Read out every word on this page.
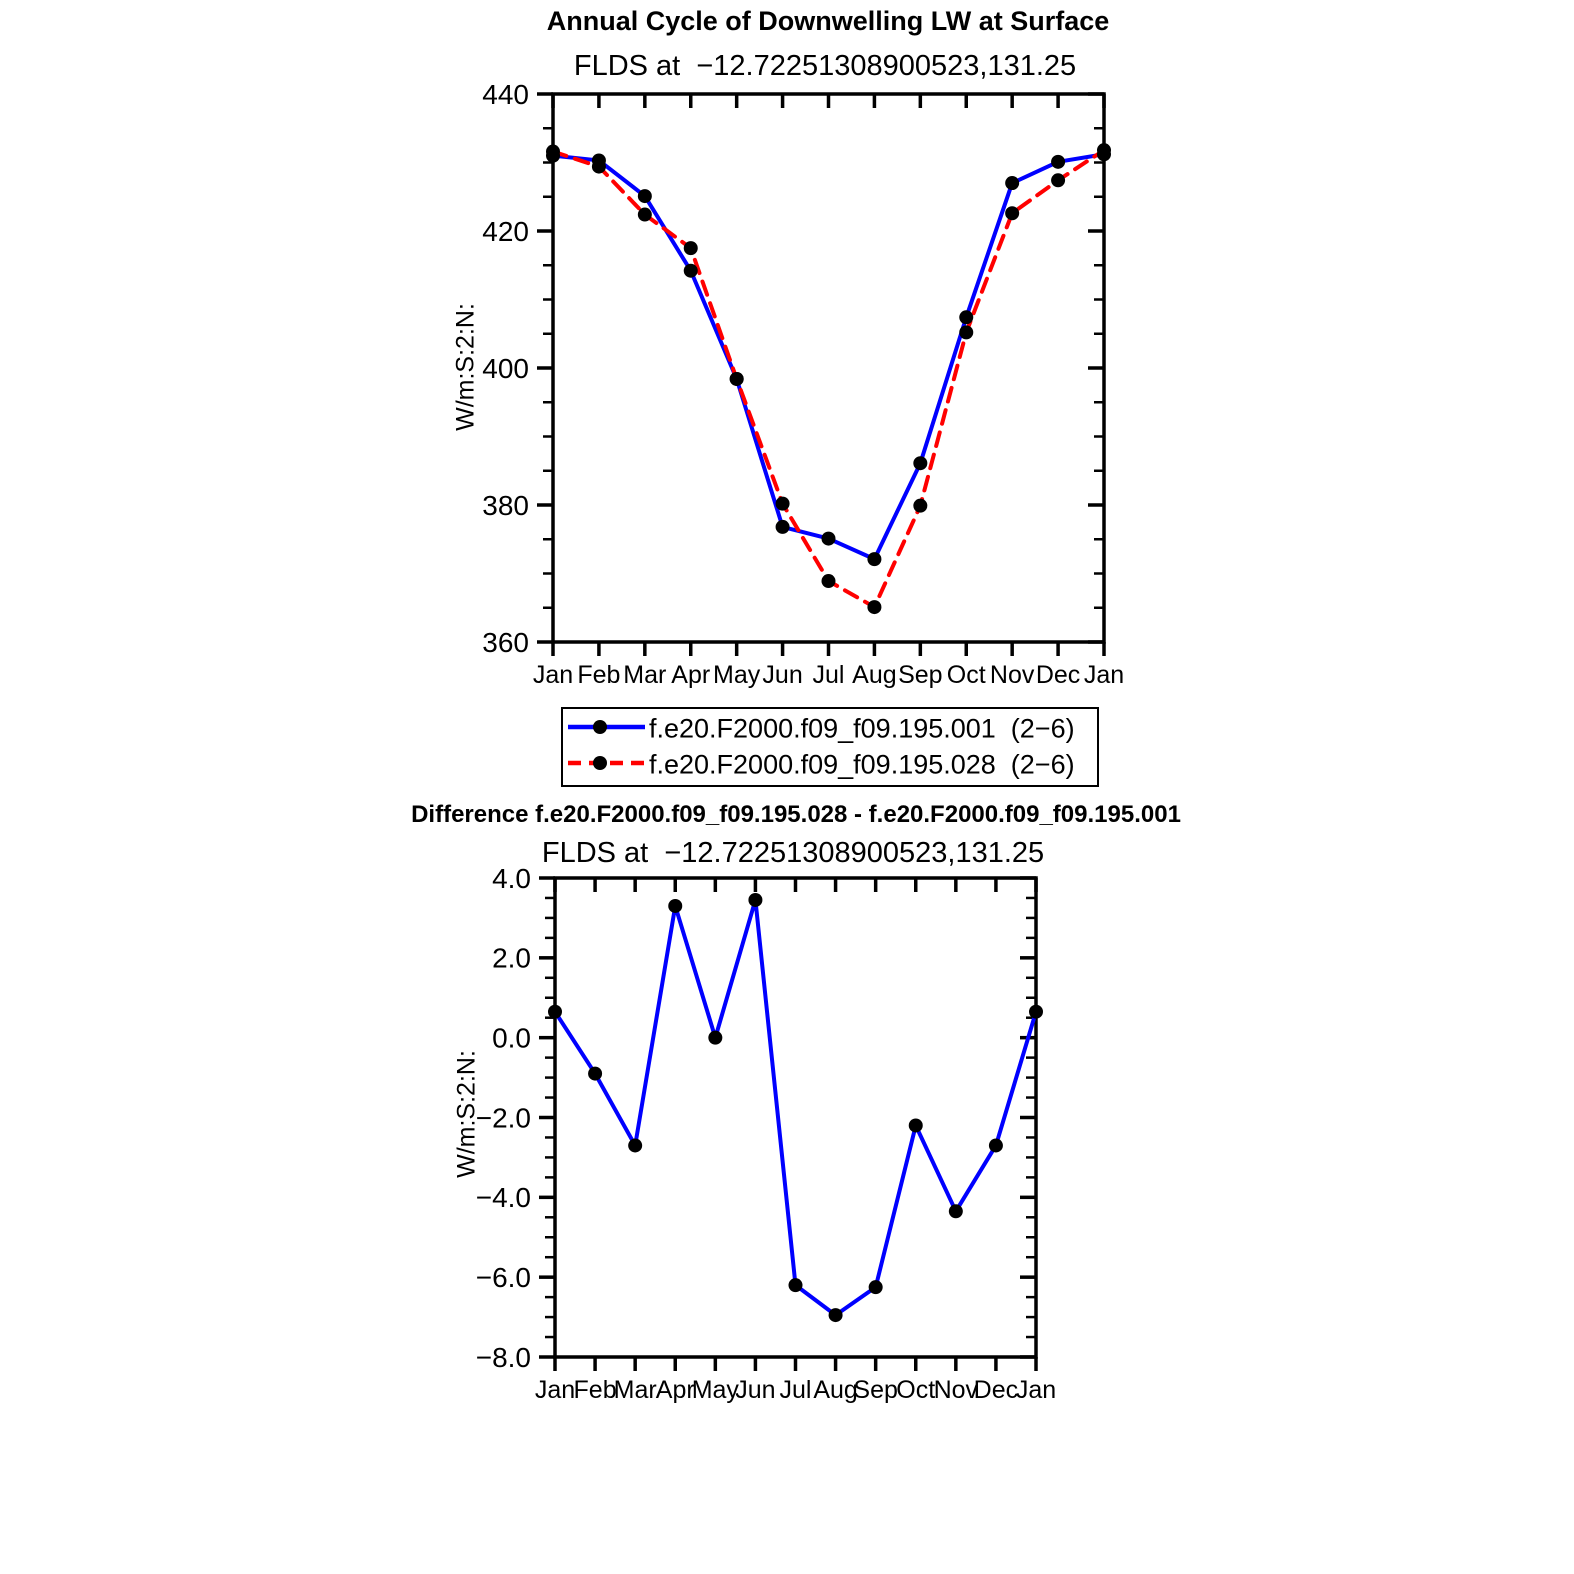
Jan Feb Mar Apr May Jun Jul Aug Sep Oct Nov Dec Jan
440
420
400
380
360
Jan
Feb
Mar Apr
May
Jun Jul Aug
Sep
Oct
Nov
Dec
Jan
4.0
2.0
0.0
−2.0
−4.0
−6.0
−8.0
Annual Cycle of Downwelling LW at Surface
FLDS at  −12.72251308900523,131.25
W/m:S:2:N:
f.e20.F2000.f09_f09.195.001  (2−6)
f.e20.F2000.f09_f09.195.028  (2−6)
Difference f.e20.F2000.f09_f09.195.028 - f.e20.F2000.f09_f09.195.001
FLDS at  −12.72251308900523,131.25
W/m:S:2:N:
